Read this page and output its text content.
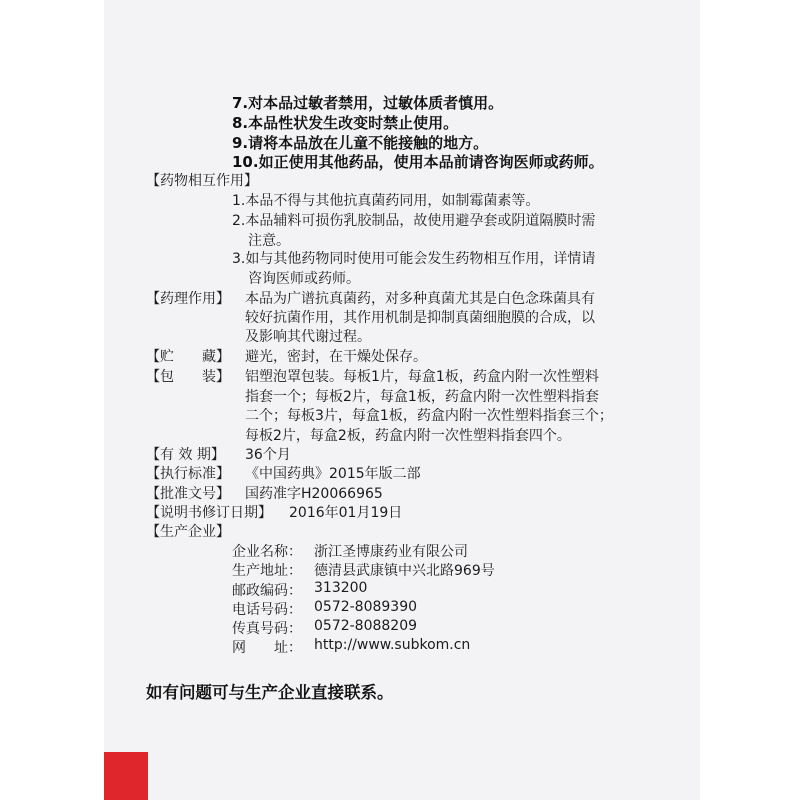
7.对本品过敏者禁用，过敏体质者慎用。
8.本品性状发生改变时禁止使用。
9.请将本品放在儿童不能接触的地方。
10.如正使用其他药品，使用本品前请咨询医师或药师。
【药物相互作用】
1.本品不得与其他抗真菌药同用，如制霉菌素等。
2.本品辅料可损伤乳胶制品，故使用避孕套或阴道隔膜时需
注意。
3.如与其他药物同时使用可能会发生药物相互作用，详情请
咨询医师或药师。
【药理作用】 本品为广谱抗真菌药，对多种真菌尤其是白色念珠菌具有
较好抗菌作用，其作用机制是抑制真菌细胞膜的合成，以
及影响其代谢过程。
【贮　　藏】 避光，密封，在干燥处保存。
【包　　装】 铝塑泡罩包装。每板1片，每盒1板，药盒内附一次性塑料
指套一个；每板2片，每盒1板，药盒内附一次性塑料指套
二个；每板3片，每盒1板，药盒内附一次性塑料指套三个；
每板2片，每盒2板，药盒内附一次性塑料指套四个。
【有 效 期】 36个月
【执行标准】 《中国药典》2015年版二部
【批准文号】 国药准字H20066965
【说明书修订日期】 2016年01月19日
【生产企业】
企业名称： 浙江圣博康药业有限公司
生产地址： 德清县武康镇中兴北路969号
邮政编码： 313200
电话号码： 0572-8089390
传真号码： 0572-8088209
网　　址： http://www.subkom.cn
如有问题可与生产企业直接联系。
